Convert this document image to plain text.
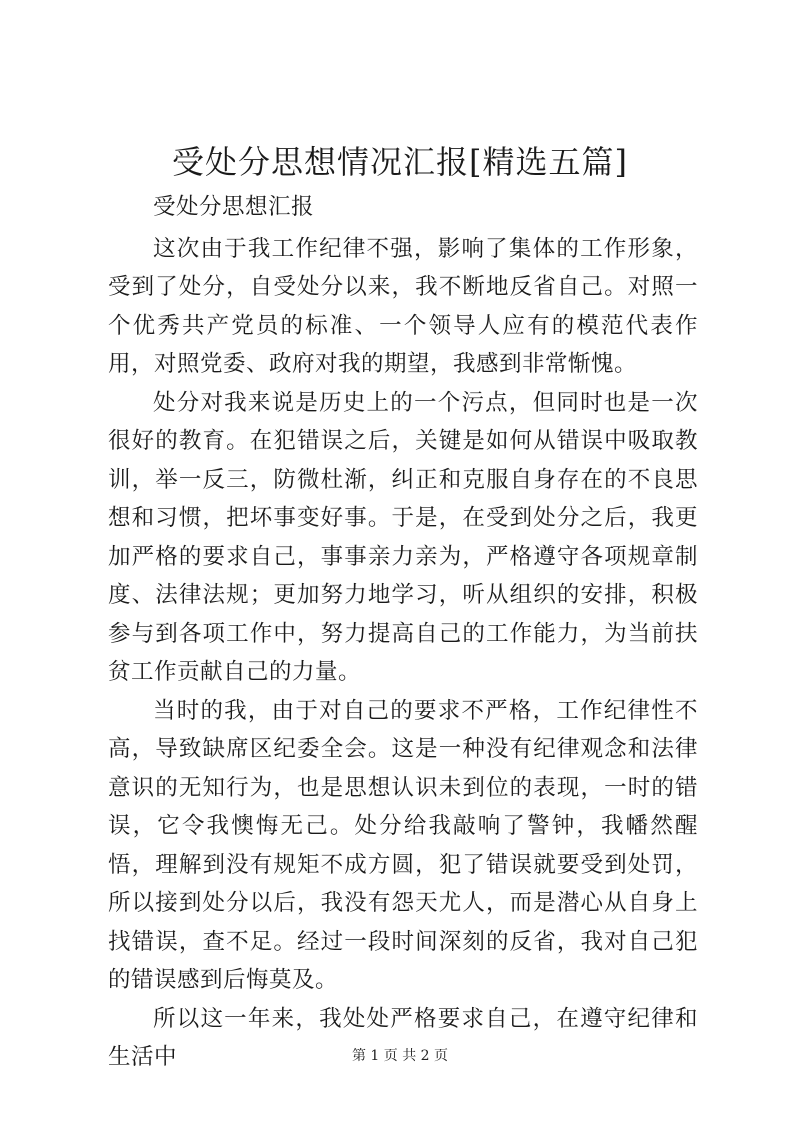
受处分思想情况汇报[精选五篇]

受处分思想汇报

这次由于我工作纪律不强，影响了集体的工作形象，受到了处分，自受处分以来，我不断地反省自己。对照一个优秀共产党员的标准、一个领导人应有的模范代表作用，对照党委、政府对我的期望，我感到非常惭愧。

处分对我来说是历史上的一个污点，但同时也是一次很好的教育。在犯错误之后，关键是如何从错误中吸取教训，举一反三，防微杜渐，纠正和克服自身存在的不良思想和习惯，把坏事变好事。于是，在受到处分之后，我更加严格的要求自己，事事亲力亲为，严格遵守各项规章制度、法律法规；更加努力地学习，听从组织的安排，积极参与到各项工作中，努力提高自己的工作能力，为当前扶贫工作贡献自己的力量。

当时的我，由于对自己的要求不严格，工作纪律性不高，导致缺席区纪委全会。这是一种没有纪律观念和法律意识的无知行为，也是思想认识未到位的表现，一时的错误，它令我懊悔无己。处分给我敲响了警钟，我幡然醒悟，理解到没有规矩不成方圆，犯了错误就要受到处罚，所以接到处分以后，我没有怨天尤人，而是潜心从自身上找错误，查不足。经过一段时间深刻的反省，我对自己犯的错误感到后悔莫及。

所以这一年来，我处处严格要求自己，在遵守纪律和生活中	第 1 页 共 2 页
